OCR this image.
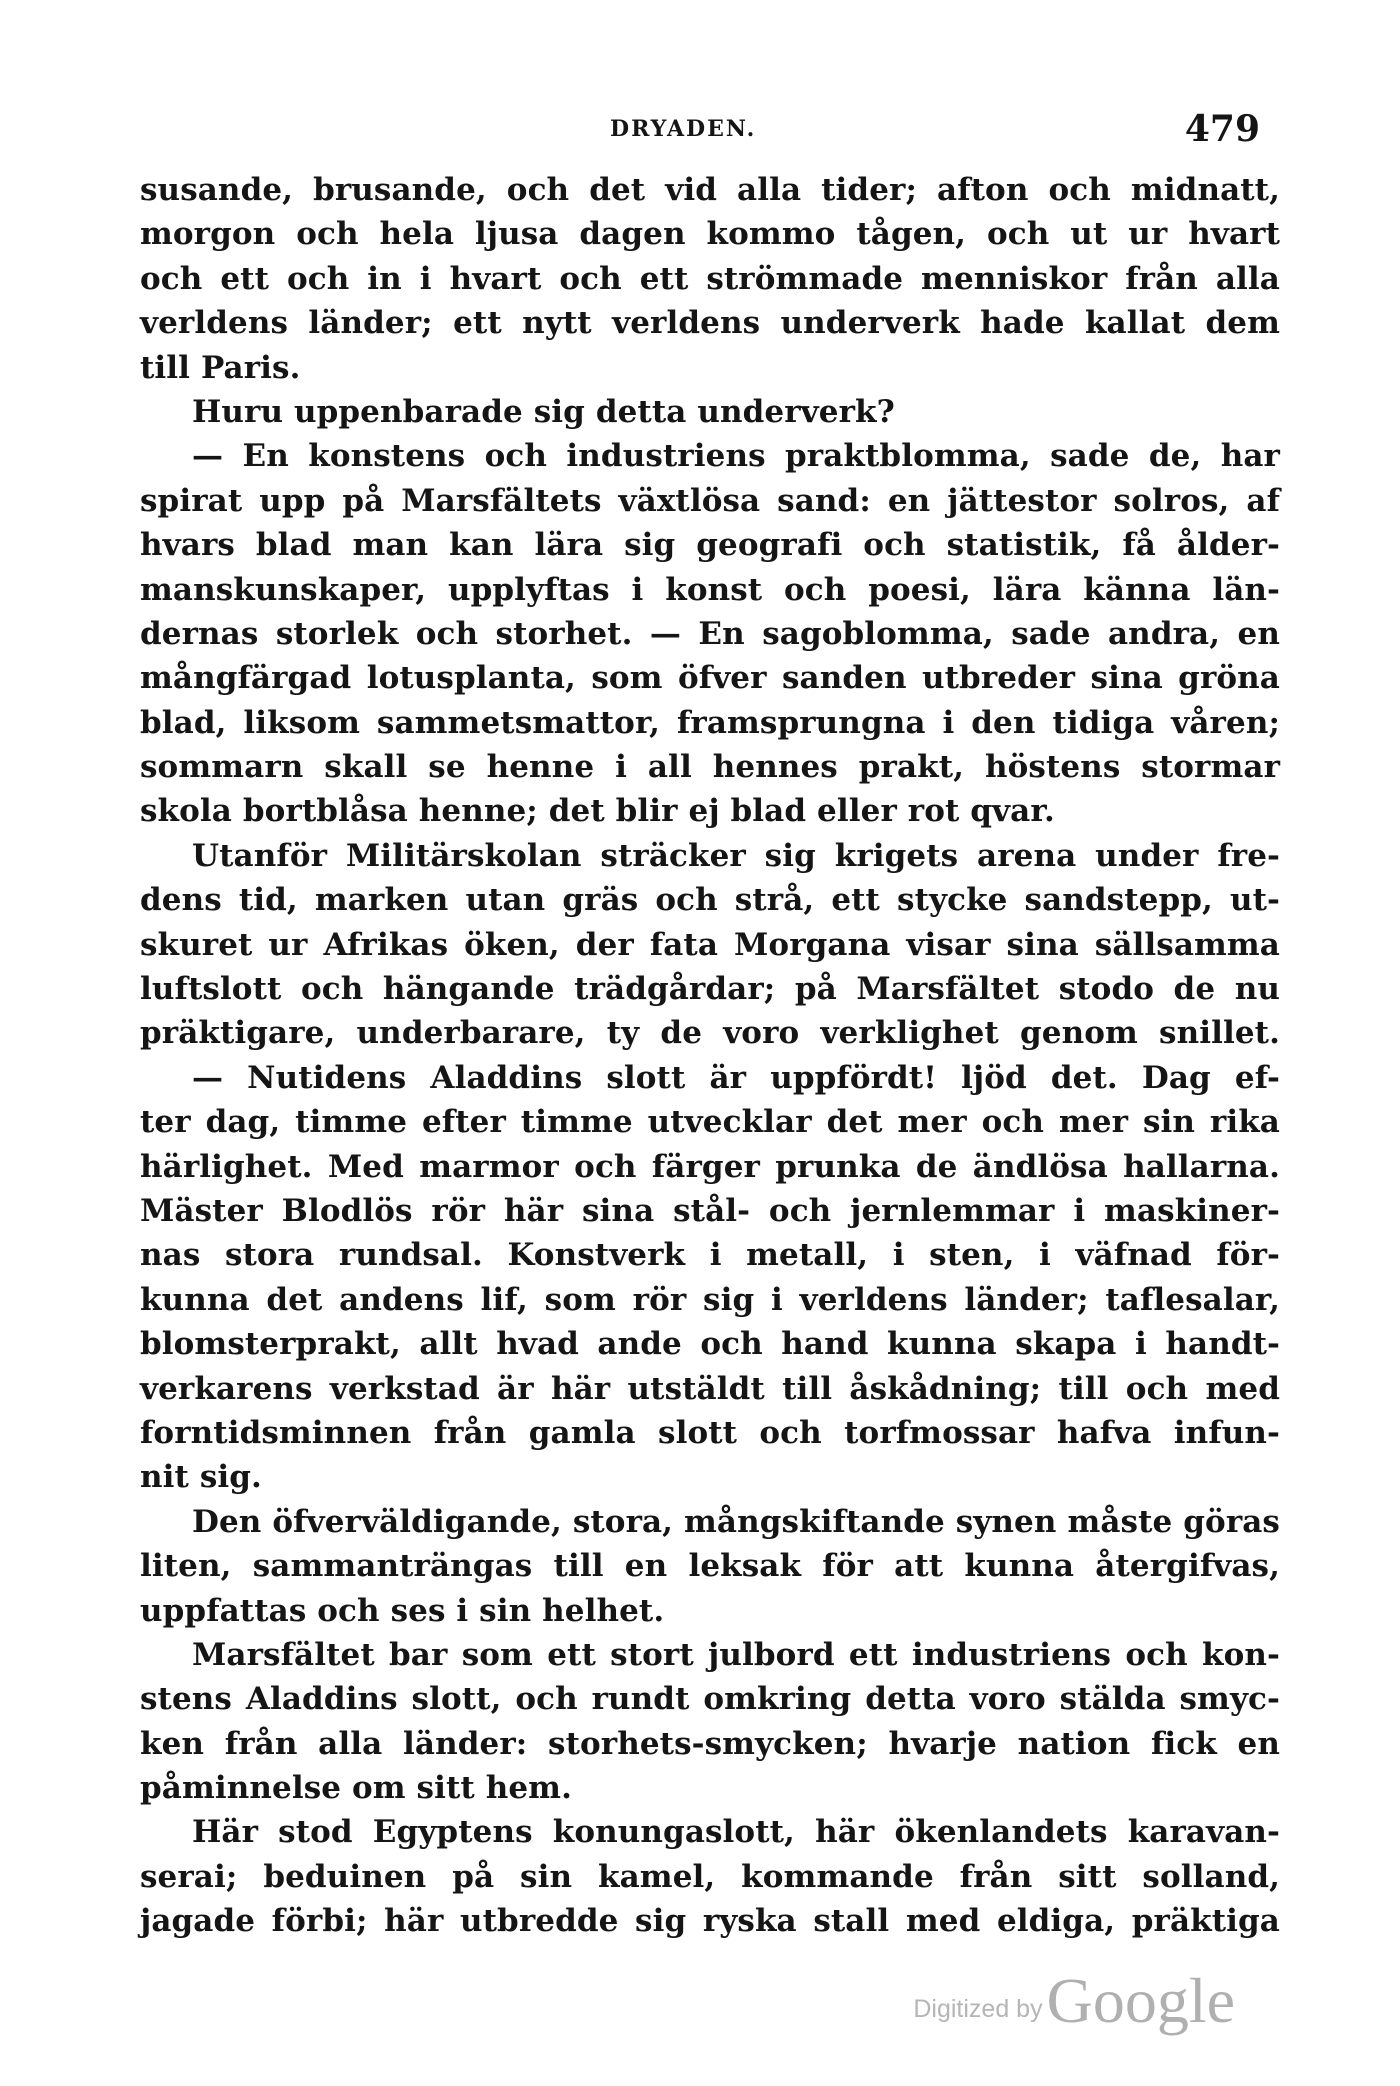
DRYADEN.	479
susande, brusande, och det vid alla tider; afton och midnatt,
morgon och hela ljusa dagen kommo tågen, och ut ur hvart
och ett och in i hvart och ett strömmade menniskor från alla
verldens länder; ett nytt verldens underverk hade kallat dem
till Paris.
Huru uppenbarade sig detta underverk?
— En konstens och industriens praktblomma, sade de, har
spirat upp på Marsfältets växtlösa sand: en jättestor solros, af
hvars blad man kan lära sig geografi och statistik, få ålder-
manskunskaper, upplyftas i konst och poesi, lära känna län-
dernas storlek och storhet. — En sagoblomma, sade andra, en
mångfärgad lotusplanta, som öfver sanden utbreder sina gröna
blad, liksom sammetsmattor, framsprungna i den tidiga våren;
sommarn skall se henne i all hennes prakt, höstens stormar
skola bortblåsa henne; det blir ej blad eller rot qvar.
Utanför Militärskolan sträcker sig krigets arena under fre-
dens tid, marken utan gräs och strå, ett stycke sandstepp, ut-
skuret ur Afrikas öken, der fata Morgana visar sina sällsamma
luftslott och hängande trädgårdar; på Marsfältet stodo de nu
präktigare, underbarare, ty de voro verklighet genom snillet.
— Nutidens Aladdins slott är uppfördt! ljöd det. Dag ef-
ter dag, timme efter timme utvecklar det mer och mer sin rika
härlighet. Med marmor och färger prunka de ändlösa hallarna.
Mäster Blodlös rör här sina stål- och jernlemmar i maskiner-
nas stora rundsal. Konstverk i metall, i sten, i väfnad för-
kunna det andens lif, som rör sig i verldens länder; taflesalar,
blomsterprakt, allt hvad ande och hand kunna skapa i handt-
verkarens verkstad är här utstäldt till åskådning; till och med
forntidsminnen från gamla slott och torfmossar hafva infun-
nit sig.
Den öfverväldigande, stora, mångskiftande synen måste göras
liten, sammanträngas till en leksak för att kunna återgifvas,
uppfattas och ses i sin helhet.
Marsfältet bar som ett stort julbord ett industriens och kon-
stens Aladdins slott, och rundt omkring detta voro stälda smyc-
ken från alla länder: storhets-smycken; hvarje nation fick en
påminnelse om sitt hem.
Här stod Egyptens konungaslott, här ökenlandets karavan-
serai; beduinen på sin kamel, kommande från sitt solland,
jagade förbi; här utbredde sig ryska stall med eldiga, präktiga
Digitized by Google
